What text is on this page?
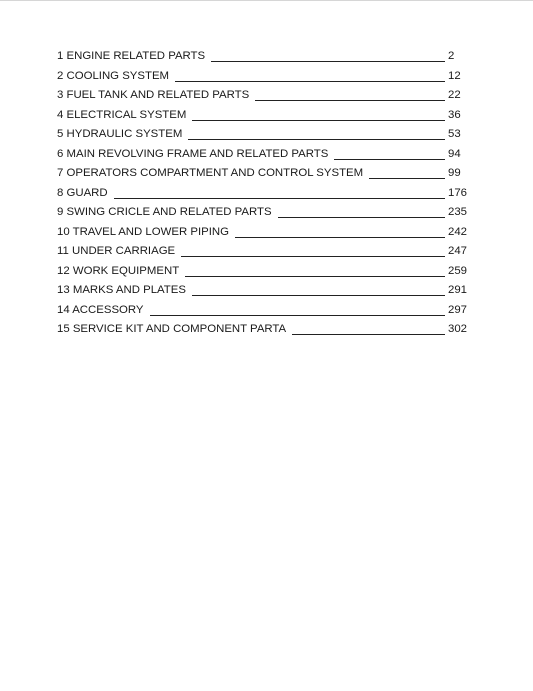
1 ENGINE RELATED PARTS	2
2 COOLING SYSTEM	12
3 FUEL TANK AND RELATED PARTS	22
4 ELECTRICAL SYSTEM	36
5 HYDRAULIC SYSTEM	53
6 MAIN REVOLVING FRAME AND RELATED PARTS	94
7 OPERATORS COMPARTMENT AND CONTROL SYSTEM	99
8 GUARD	176
9 SWING CRICLE AND RELATED PARTS	235
10 TRAVEL AND LOWER PIPING	242
11 UNDER CARRIAGE	247
12 WORK EQUIPMENT	259
13 MARKS AND PLATES	291
14 ACCESSORY	297
15 SERVICE KIT AND COMPONENT PARTA	302
